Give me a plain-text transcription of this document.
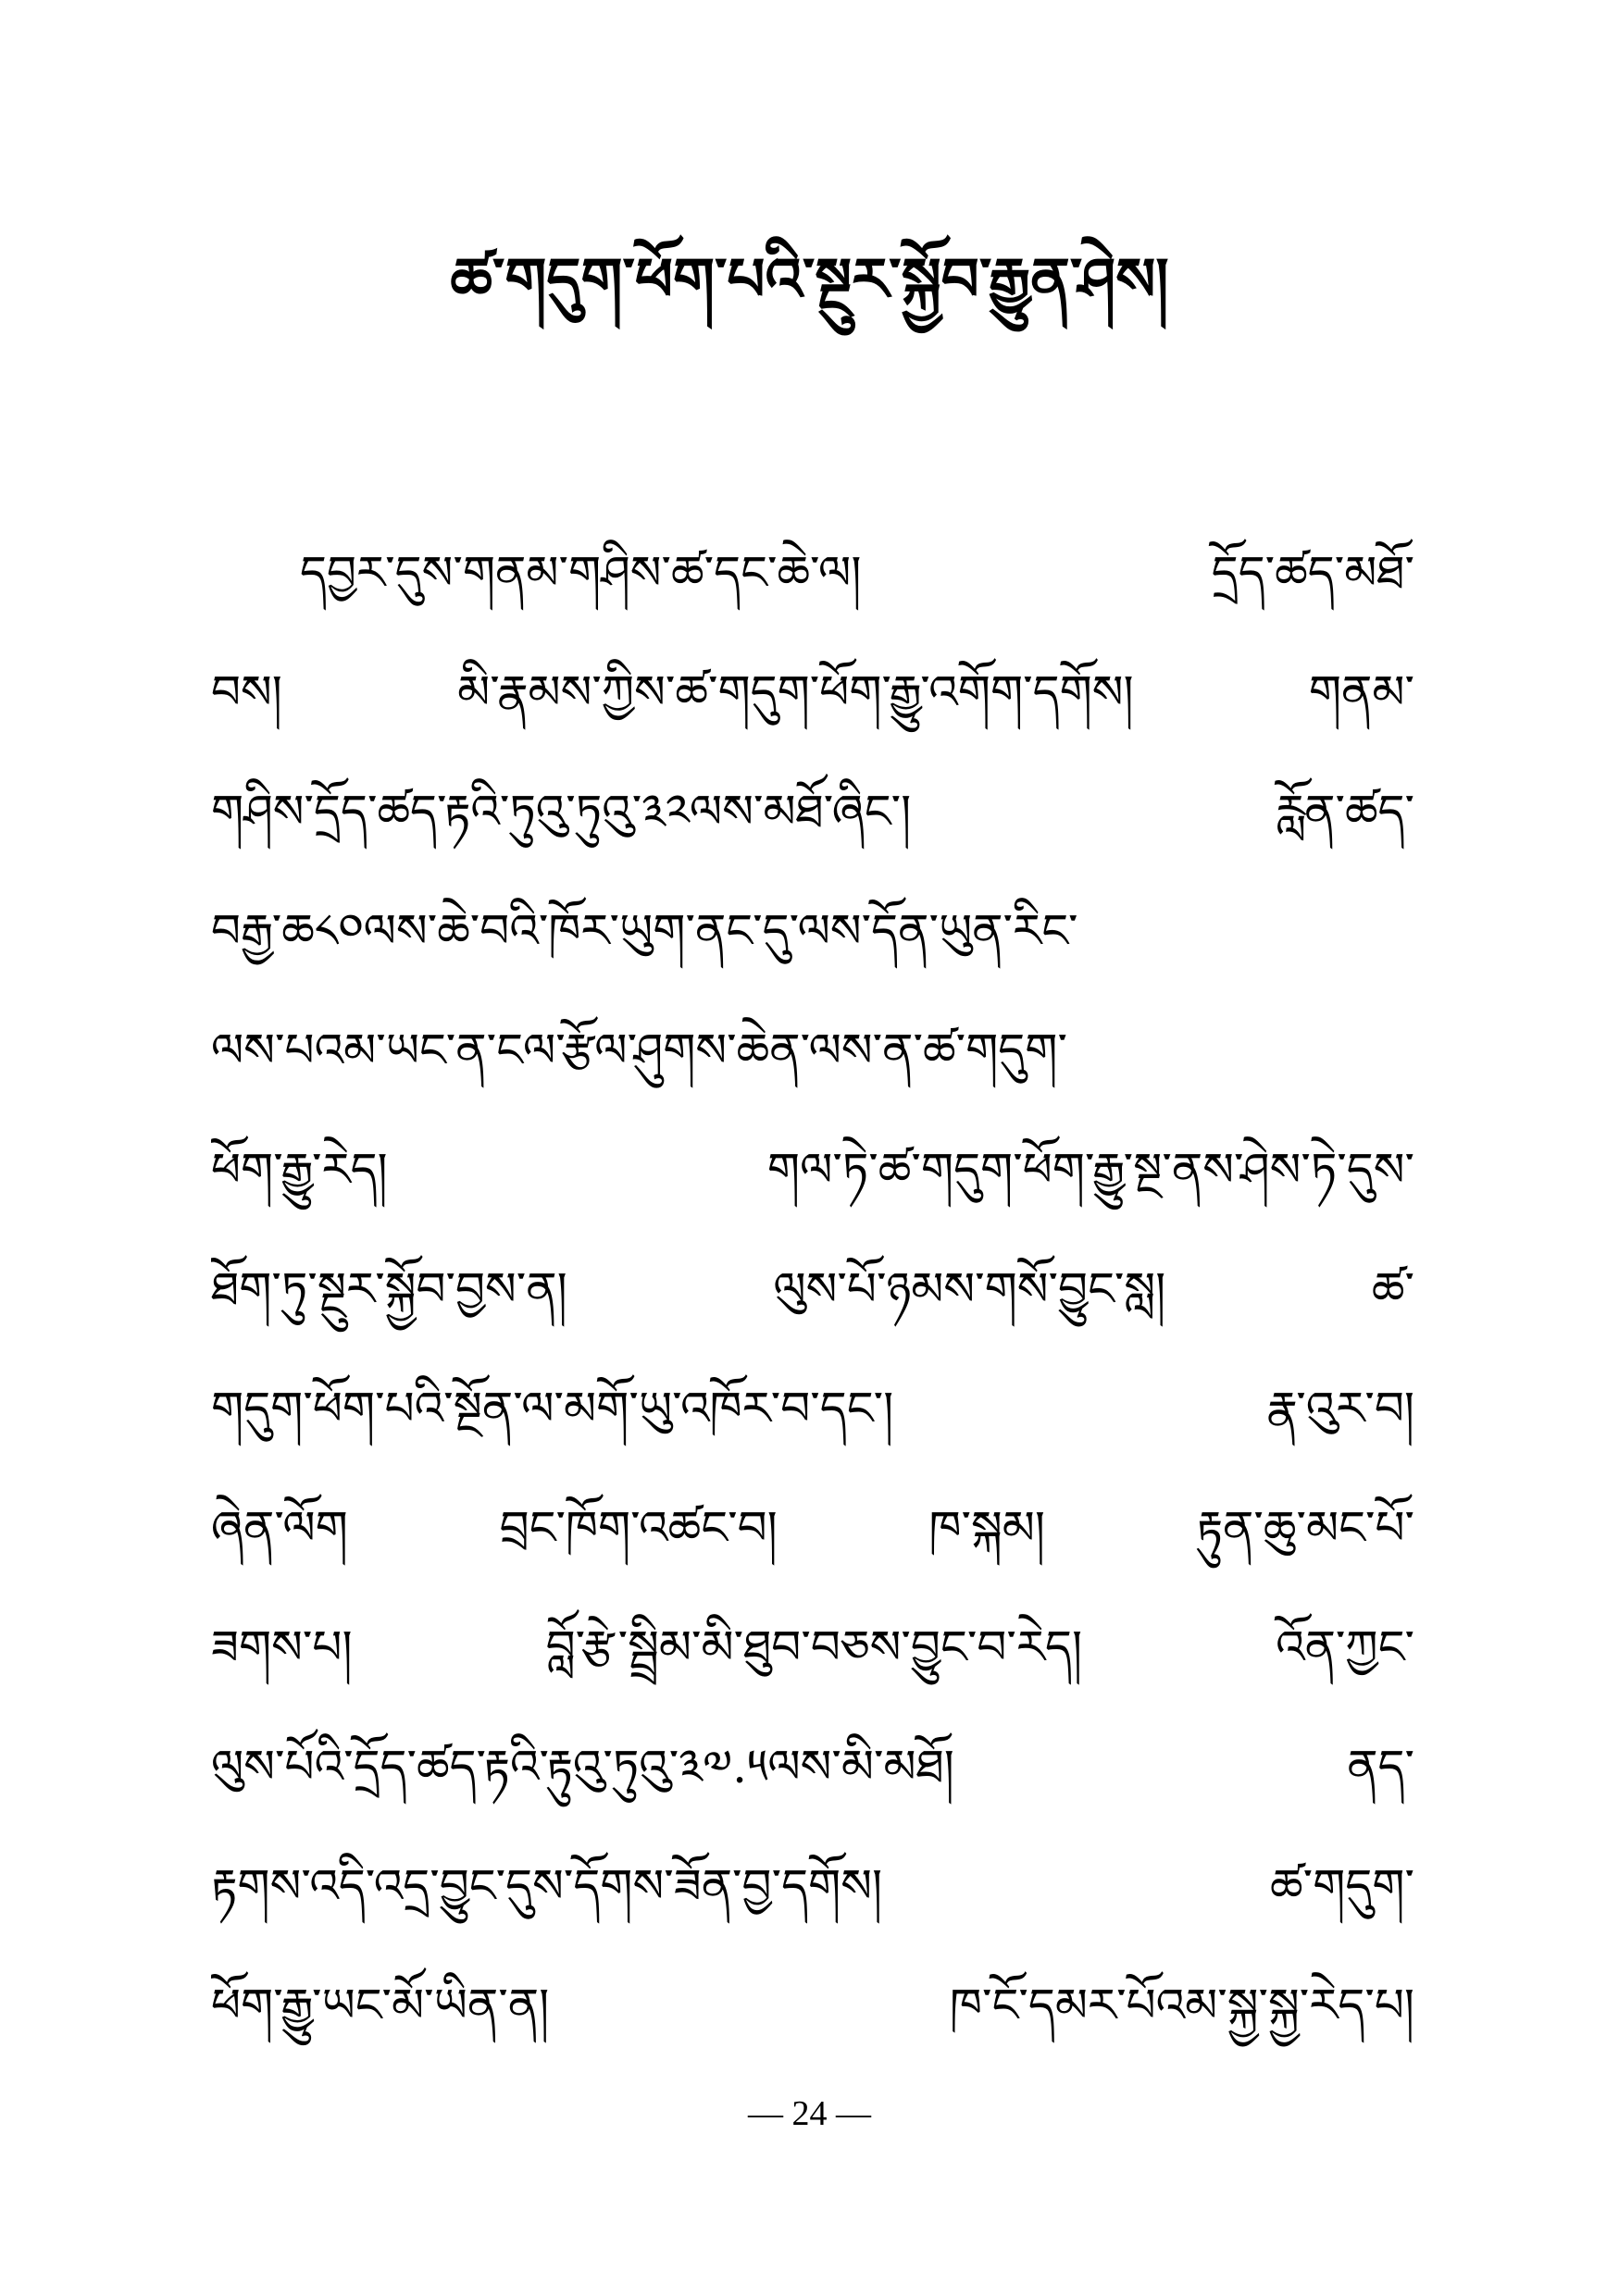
ཚ་གདུག་ཕོག་པའི་སྔུར་སྐྱོབ་རྒྱུན་ཤེས།
དབྱར་དུས་གནམ་གཤིས་ཚ་དང་ཆེ་ལ། དྲོད་ཚད་མཐོ་
བས། མི་རྣམས་ཀྱིས་ཚ་གདུག་ཕོག་རྒྱུ་འགོག་དགོས། གནམ་
གཤིས་དྲོད་ཚད་རྟའི་ཏུའུ་ཏུའུ་༣༢ལས་མཐོ་ཞིང་། རློན་ཚད་
བརྒྱ་ཆ༨༠ལས་ཆེ་བའི་ཁོར་ཡུག་ནང་དུ་ལས་དོན་ཡུན་རིང་
ལས་པའམ་ཡང་ན་ངལ་རྩོལ་ཤུགས་ཆེན་ལས་ན་ཚ་གདུག་
ཕོག་རྒྱུ་རེད། གལ་ཏེ་ཚ་གདུག་ཕོག་རྒྱུ་སྔ་ནས་ཤེས་ཏེ་དུས་
ཐོག་ཏུ་སྔུར་སྐྱོབ་བྱས་ན། ལུས་པོ་ཉམས་གསོ་བྱུང་སླ། ཚ་
གདུག་ཕོག་པའི་སྔོན་ལ་མགོ་ཡུ་འཁོར་བ་དང་། རྣ་འུར་བ།
ཞེན་ལོག བྲང་ཁོག་འཚང་བ། ཁ་སྐམ། རྟུན་ཆུ་མང་པོ་
ཟགས་པ། བློ་རྩེ་སྦྲིམ་མི་ཐུབ་བཅས་བྱུང་བ་རེད། འོན་ཀྱང་
ལུས་པོའི་དྲོད་ཚད་རྟའི་རྟུའུ་ཏུའུ་༣༧.༥ལས་མི་མཐོ། ནད་
རྟགས་འདི་འདྲ་བྱུང་དུས་དོགས་ཟོན་བྱ་དགོས། ཚ་གདུག་
ཕོག་རྒྱུ་ཡང་མོ་ཡིན་ན། ཁ་ངོ་དམར་པོའམ་སྐྱ་སྐྱ་རེད་པ།
— 24 —
